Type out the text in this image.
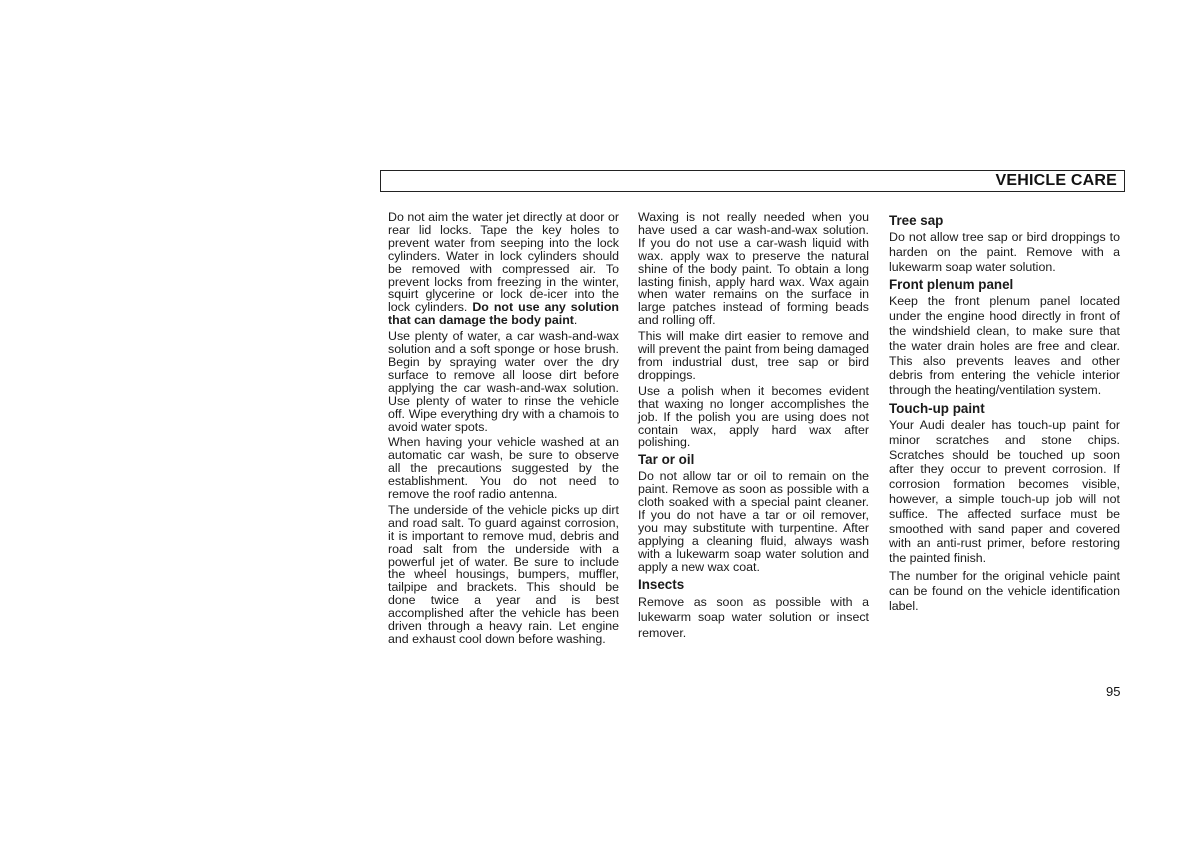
VEHICLE CARE

Do not aim the water jet directly at door or rear lid locks. Tape the key holes to prevent water from seeping into the lock cylinders. Water in lock cylinders should be removed with compressed air. To prevent locks from freezing in the winter, squirt glycerine or lock de-icer into the lock cylinders. Do not use any solution that can damage the body paint.

Use plenty of water, a car wash-and-wax solution and a soft sponge or hose brush. Begin by spraying water over the dry surface to remove all loose dirt before applying the car wash-and-wax solution. Use plenty of water to rinse the vehicle off. Wipe everything dry with a chamois to avoid water spots.

When having your vehicle washed at an automatic car wash, be sure to observe all the precautions suggested by the establishment. You do not need to remove the roof radio antenna.

The underside of the vehicle picks up dirt and road salt. To guard against corrosion, it is important to remove mud, debris and road salt from the underside with a powerful jet of water. Be sure to include the wheel housings, bumpers, muffler, tailpipe and brackets. This should be done twice a year and is best accomplished after the vehicle has been driven through a heavy rain. Let engine and exhaust cool down before washing.

Waxing is not really needed when you have used a car wash-and-wax solution. If you do not use a car-wash liquid with wax. apply wax to preserve the natural shine of the body paint. To obtain a long lasting finish, apply hard wax. Wax again when water remains on the surface in large patches instead of forming beads and rolling off.

This will make dirt easier to remove and will prevent the paint from being damaged from industrial dust, tree sap or bird droppings.

Use a polish when it becomes evident that waxing no longer accomplishes the job. If the polish you are using does not contain wax, apply hard wax after polishing.

Tar or oil

Do not allow tar or oil to remain on the paint. Remove as soon as possible with a cloth soaked with a special paint cleaner. If you do not have a tar or oil remover, you may substitute with turpentine. After applying a cleaning fluid, always wash with a lukewarm soap water solution and apply a new wax coat.

Insects

Remove as soon as possible with a lukewarm soap water solution or insect remover.

Tree sap

Do not allow tree sap or bird droppings to harden on the paint. Remove with a lukewarm soap water solution.

Front plenum panel

Keep the front plenum panel located under the engine hood directly in front of the windshield clean, to make sure that the water drain holes are free and clear. This also prevents leaves and other debris from entering the vehicle interior through the heating/ventilation system.

Touch-up paint

Your Audi dealer has touch-up paint for minor scratches and stone chips. Scratches should be touched up soon after they occur to prevent corrosion. If corrosion formation becomes visible, however, a simple touch-up job will not suffice. The affected surface must be smoothed with sand paper and covered with an anti-rust primer, before restoring the painted finish.

The number for the original vehicle paint can be found on the vehicle identification label.

95
